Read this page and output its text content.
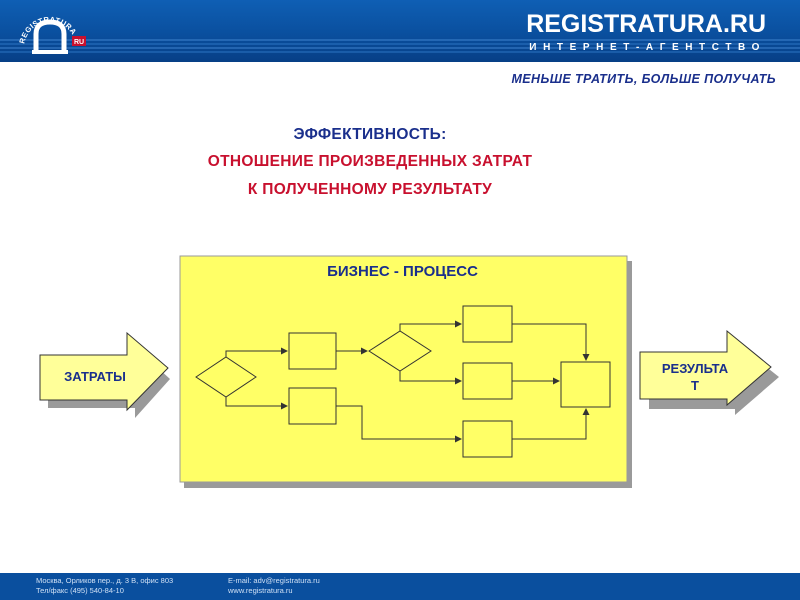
REGISTRATURA
RU
REGISTRATURA.RU
ИНТЕРНЕТ-АГЕНТСТВО
МЕНЬШЕ ТРАТИТЬ, БОЛЬШЕ ПОЛУЧАТЬ
ЭФФЕКТИВНОСТЬ:
ОТНОШЕНИЕ ПРОИЗВЕДЕННЫХ ЗАТРАТ
К ПОЛУЧЕННОМУ РЕЗУЛЬТАТУ
ЗАТРАТЫ
РЕЗУЛЬТА
Т
БИЗНЕС - ПРОЦЕСС
Москва, Орликов пер., д. 3 В, офис 803
Тел/факс (495) 540-84-10
E-mail: adv@registratura.ru
www.registratura.ru
